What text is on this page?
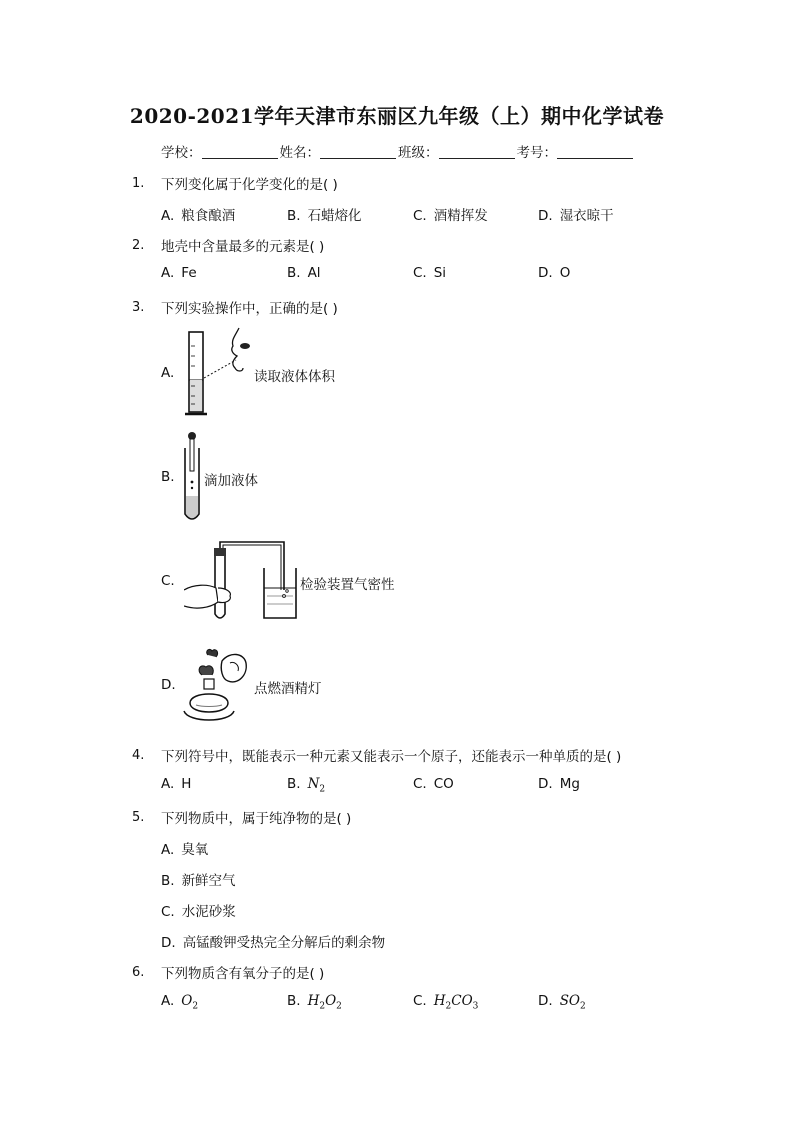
2020-2021学年天津市东丽区九年级（上）期中化学试卷
学校：	姓名：	班级：	考号：
1. 下列变化属于化学变化的是( )
A. 粮食酿酒	B. 石蜡熔化	C. 酒精挥发	D. 湿衣晾干
2. 地壳中含量最多的元素是( )
A. Fe	B. Al	C. Si	D. O
3. 下列实验操作中，正确的是( )
A.	读取液体体积
B. 滴加液体
C.	检验装置气密性
D.	点燃酒精灯
4. 下列符号中，既能表示一种元素又能表示一个原子，还能表示一种单质的是( )
A. H	B. $N_2$	C. CO	D. Mg
5. 下列物质中，属于纯净物的是( )
A. 臭氧
B. 新鲜空气
C. 水泥砂浆
D. 高锰酸钾受热完全分解后的剩余物
6. 下列物质含有氧分子的是( )
A. $O_2$	B. $H_2O_2$	C. $H_2CO_3$	D. $SO_2$
